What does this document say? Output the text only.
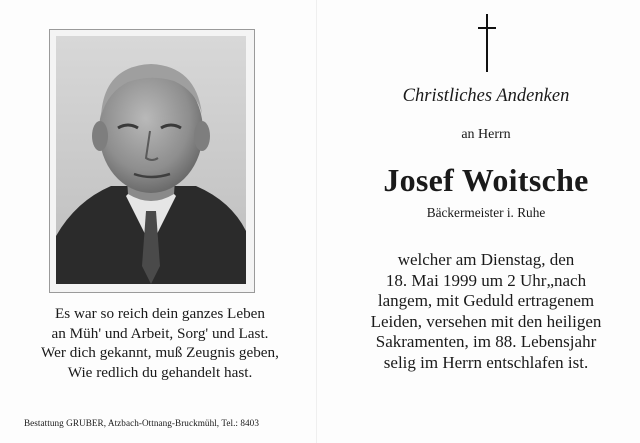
Es war so reich dein ganzes Leben
an Müh' und Arbeit, Sorg' und Last.
Wer dich gekannt, muß Zeugnis geben,
Wie redlich du gehandelt hast.
Bestattung GRUBER, Atzbach-Ottnang-Bruckmühl, Tel.: 8403
Christliches Andenken
an Herrn
Josef Woitsche
Bäckermeister i. Ruhe
welcher am Dienstag, den
18. Mai 1999 um 2 Uhr„nach
langem, mit Geduld ertragenem
Leiden, versehen mit den heiligen
Sakramenten, im 88. Lebensjahr
selig im Herrn entschlafen ist.
